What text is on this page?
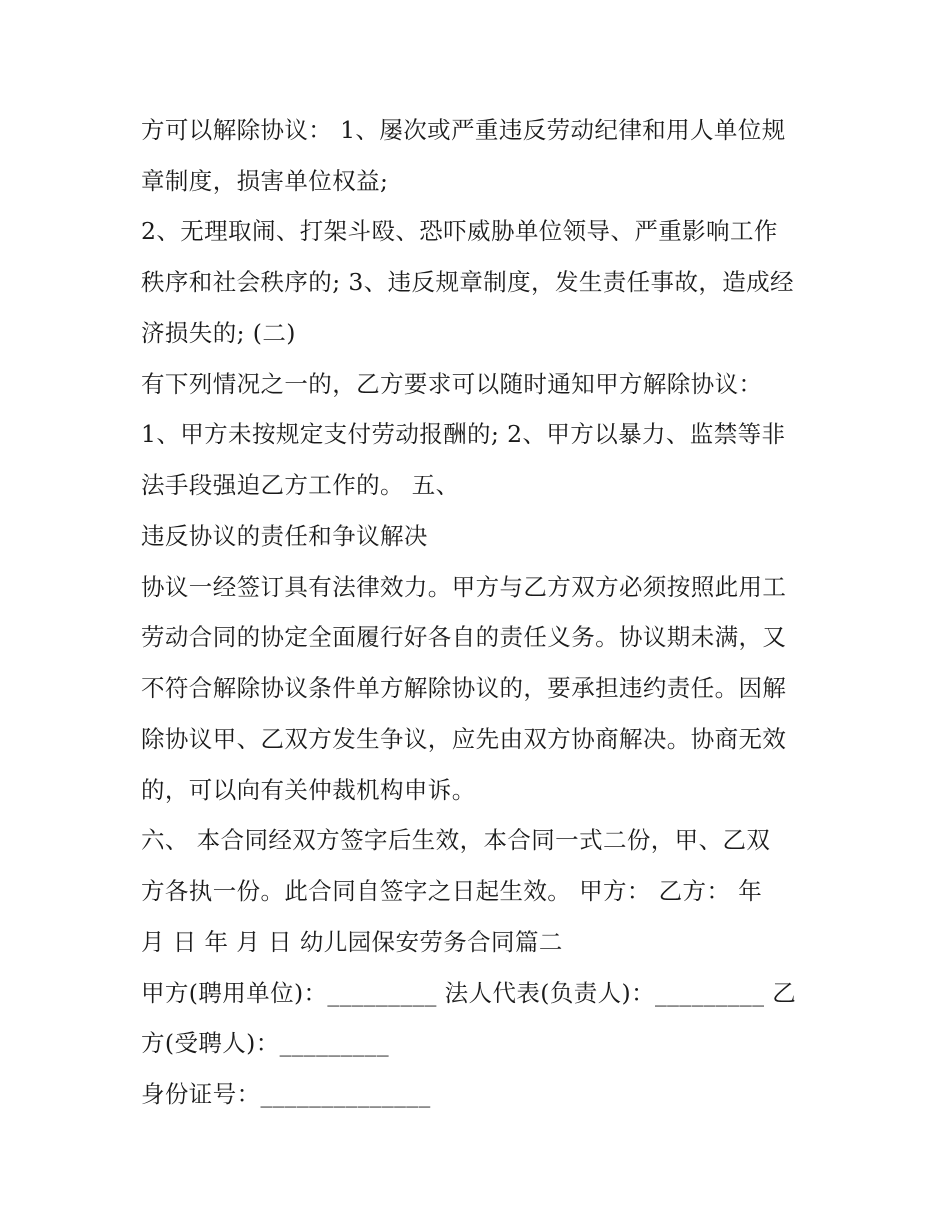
方可以解除协议： 1、屡次或严重违反劳动纪律和用人单位规
章制度，损害单位权益;
2、无理取闹、打架斗殴、恐吓威胁单位领导、严重影响工作
秩序和社会秩序的; 3、违反规章制度，发生责任事故，造成经
济损失的; (二)
有下列情况之一的，乙方要求可以随时通知甲方解除协议：
1、甲方未按规定支付劳动报酬的; 2、甲方以暴力、监禁等非
法手段强迫乙方工作的。 五、
违反协议的责任和争议解决
协议一经签订具有法律效力。甲方与乙方双方必须按照此用工
劳动合同的协定全面履行好各自的责任义务。协议期未满，又
不符合解除协议条件单方解除协议的，要承担违约责任。因解
除协议甲、乙双方发生争议，应先由双方协商解决。协商无效
的，可以向有关仲裁机构申诉。
六、 本合同经双方签字后生效，本合同一式二份，甲、乙双
方各执一份。此合同自签字之日起生效。 甲方： 乙方： 年
月 日 年 月 日 幼儿园保安劳务合同篇二
甲方(聘用单位)：_________ 法人代表(负责人)：_________ 乙
方(受聘人)：_________
身份证号：______________
